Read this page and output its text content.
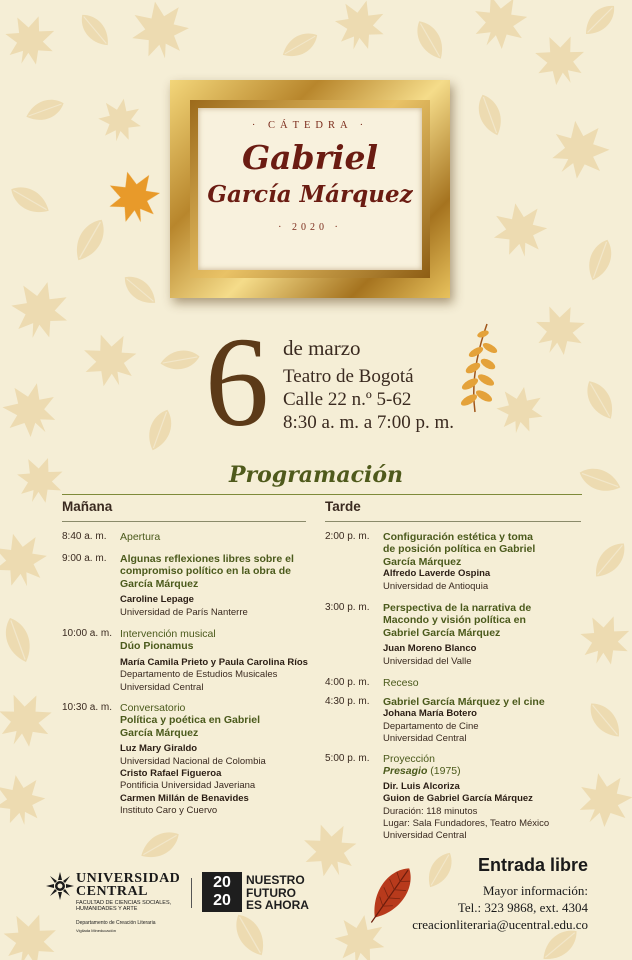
· CÁTEDRA ·
Gabriel
García Márquez
· 2020 ·
6 de marzo
Teatro de Bogotá
Calle 22 n.º 5-62
8:30 a. m. a 7:00 p. m.
Programación
Mañana	Tarde
8:40 a. m. Apertura
9:00 a. m. Algunas reflexiones libres sobre el compromiso político en la obra de García Márquez
Caroline Lepage
Universidad de París Nanterre
10:00 a. m. Intervención musical
Dúo Pionamus
María Camila Prieto y Paula Carolina Ríos
Departamento de Estudios Musicales
Universidad Central
10:30 a. m. Conversatorio
Política y poética en Gabriel García Márquez
Luz Mary Giraldo
Universidad Nacional de Colombia
Cristo Rafael Figueroa
Pontificia Universidad Javeriana
Carmen Millán de Benavides
Instituto Caro y Cuervo
2:00 p. m. Configuración estética y toma de posición política en Gabriel García Márquez
Alfredo Laverde Ospina
Universidad de Antioquia
3:00 p. m. Perspectiva de la narrativa de Macondo y visión política en Gabriel García Márquez
Juan Moreno Blanco
Universidad del Valle
4:00 p. m. Receso
4:30 p. m. Gabriel García Márquez y el cine
Johana María Botero
Departamento de Cine
Universidad Central
5:00 p. m. Proyección
Presagio (1975)
Dir. Luis Alcoriza
Guion de Gabriel García Márquez
Duración: 118 minutos
Lugar: Sala Fundadores, Teatro México
Universidad Central
UNIVERSIDAD
CENTRAL
FACULTAD DE CIENCIAS SOCIALES, HUMANIDADES Y ARTE
Departamento de Creación Literaria
Vigilada Mineducación
20
20
NUESTRO
FUTURO
ES AHORA
Entrada libre
Mayor información:
Tel.: 323 9868, ext. 4304
creacionliteraria@ucentral.edu.co
